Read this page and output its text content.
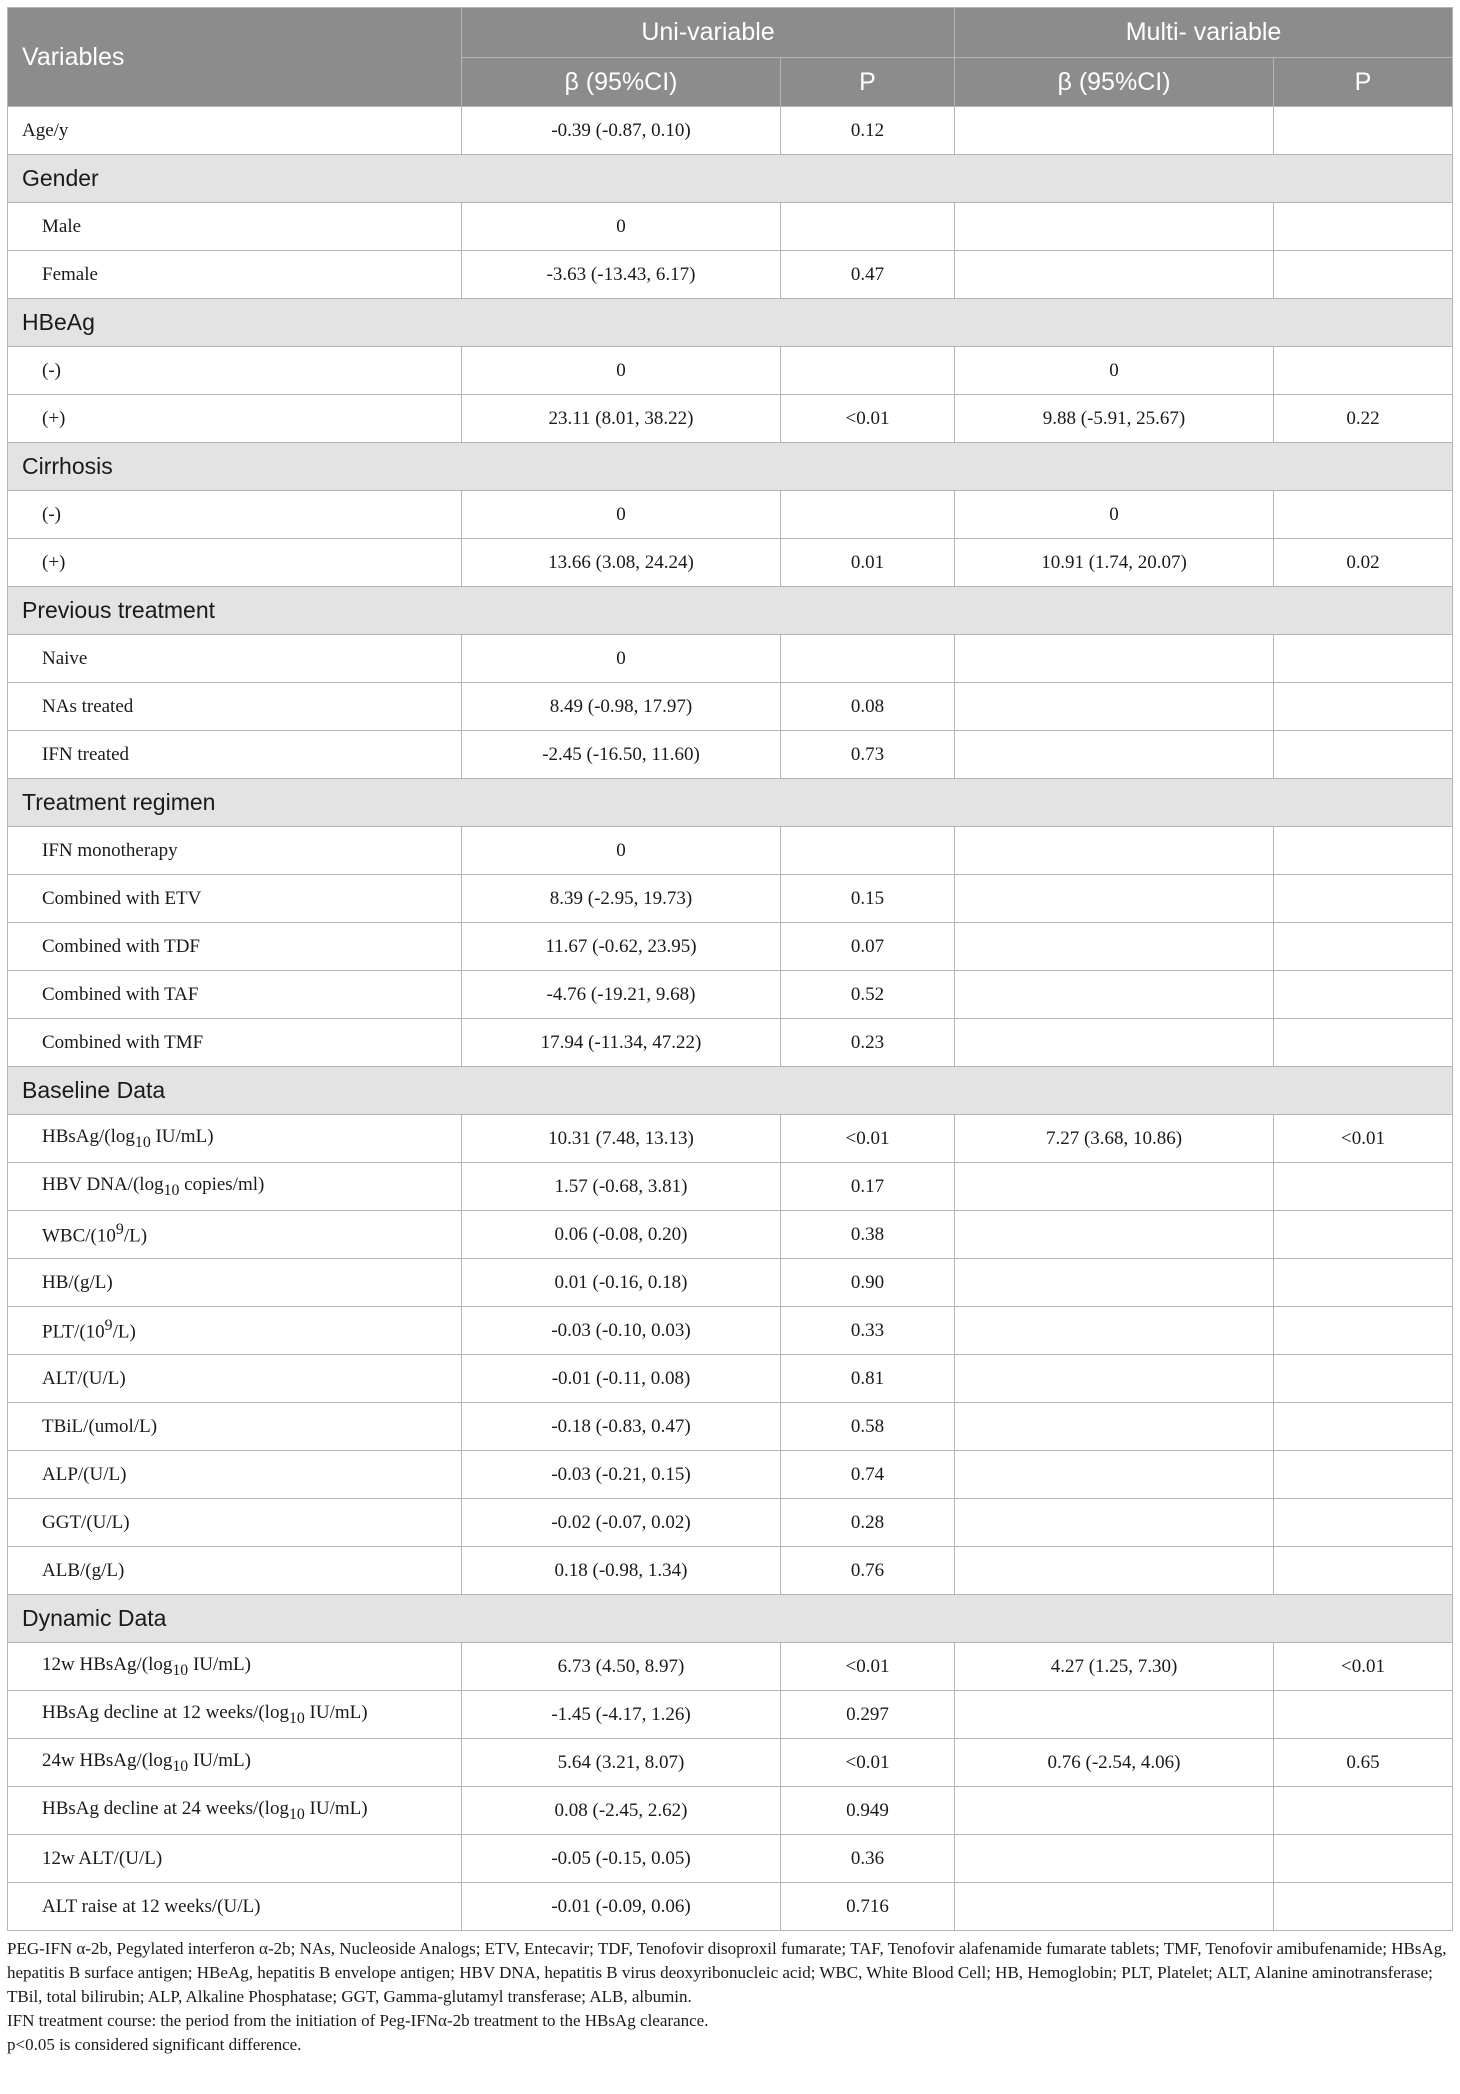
Variables	Uni-variable		Multi- variable	
	β (95%CI)	P	β (95%CI)	P
Age/y	-0.39 (-0.87, 0.10)	0.12		
Gender				
Male	0			
Female	-3.63 (-13.43, 6.17)	0.47		
HBeAg				
(-)	0		0	
(+)	23.11 (8.01, 38.22)	<0.01	9.88 (-5.91, 25.67)	0.22
Cirrhosis				
(-)	0		0	
(+)	13.66 (3.08, 24.24)	0.01	10.91 (1.74, 20.07)	0.02
Previous treatment				
Naive	0			
NAs treated	8.49 (-0.98, 17.97)	0.08		
IFN treated	-2.45 (-16.50, 11.60)	0.73		
Treatment regimen				
IFN monotherapy	0			
Combined with ETV	8.39 (-2.95, 19.73)	0.15		
Combined with TDF	11.67 (-0.62, 23.95)	0.07		
Combined with TAF	-4.76 (-19.21, 9.68)	0.52		
Combined with TMF	17.94 (-11.34, 47.22)	0.23		
Baseline Data				
HBsAg/($\log_{10}$ IU/mL)	10.31 (7.48, 13.13)	<0.01	7.27 (3.68, 10.86)	<0.01
HBV DNA/($\log_{10}$ copies/ml)	1.57 (-0.68, 3.81)	0.17		
WBC/$(10^9/L)$	0.06 (-0.08, 0.20)	0.38		
HB/(g/L)	0.01 (-0.16, 0.18)	0.90		
PLT/$(10^9/L)$	-0.03 (-0.10, 0.03)	0.33		
ALT/(U/L)	-0.01 (-0.11, 0.08)	0.81		
TBiL/(umol/L)	-0.18 (-0.83, 0.47)	0.58		
ALP/(U/L)	-0.03 (-0.21, 0.15)	0.74		
GGT/(U/L)	-0.02 (-0.07, 0.02)	0.28		
ALB/(g/L)	0.18 (-0.98, 1.34)	0.76		
Dynamic Data				
12w HBsAg/($\log_{10}$ IU/mL)	6.73 (4.50, 8.97)	<0.01	4.27 (1.25, 7.30)	<0.01
HBsAg decline at 12 weeks/($\log_{10}$ IU/mL)	-1.45 (-4.17, 1.26)	0.297		
24w HBsAg/($\log_{10}$ IU/mL)	5.64 (3.21, 8.07)	<0.01	0.76 (-2.54, 4.06)	0.65
HBsAg decline at 24 weeks/($\log_{10}$ IU/mL)	0.08 (-2.45, 2.62)	0.949		
12w ALT/(U/L)	-0.05 (-0.15, 0.05)	0.36		
ALT raise at 12 weeks/(U/L)	-0.01 (-0.09, 0.06)	0.716		

PEG-IFN α-2b, Pegylated interferon α-2b; NAs, Nucleoside Analogs; ETV, Entecavir; TDF, Tenofovir disoproxil fumarate; TAF, Tenofovir alafenamide fumarate tablets; TMF, Tenofovir amibufenamide; HBsAg, hepatitis B surface antigen; HBeAg, hepatitis B envelope antigen; HBV DNA, hepatitis B virus deoxyribonucleic acid; WBC, White Blood Cell; HB, Hemoglobin; PLT, Platelet; ALT, Alanine aminotransferase; TBil, total bilirubin; ALP, Alkaline Phosphatase; GGT, Gamma-glutamyl transferase; ALB, albumin.

IFN treatment course: the period from the initiation of Peg-IFNα-2b treatment to the HBsAg clearance.

p<0.05 is considered significant difference.
